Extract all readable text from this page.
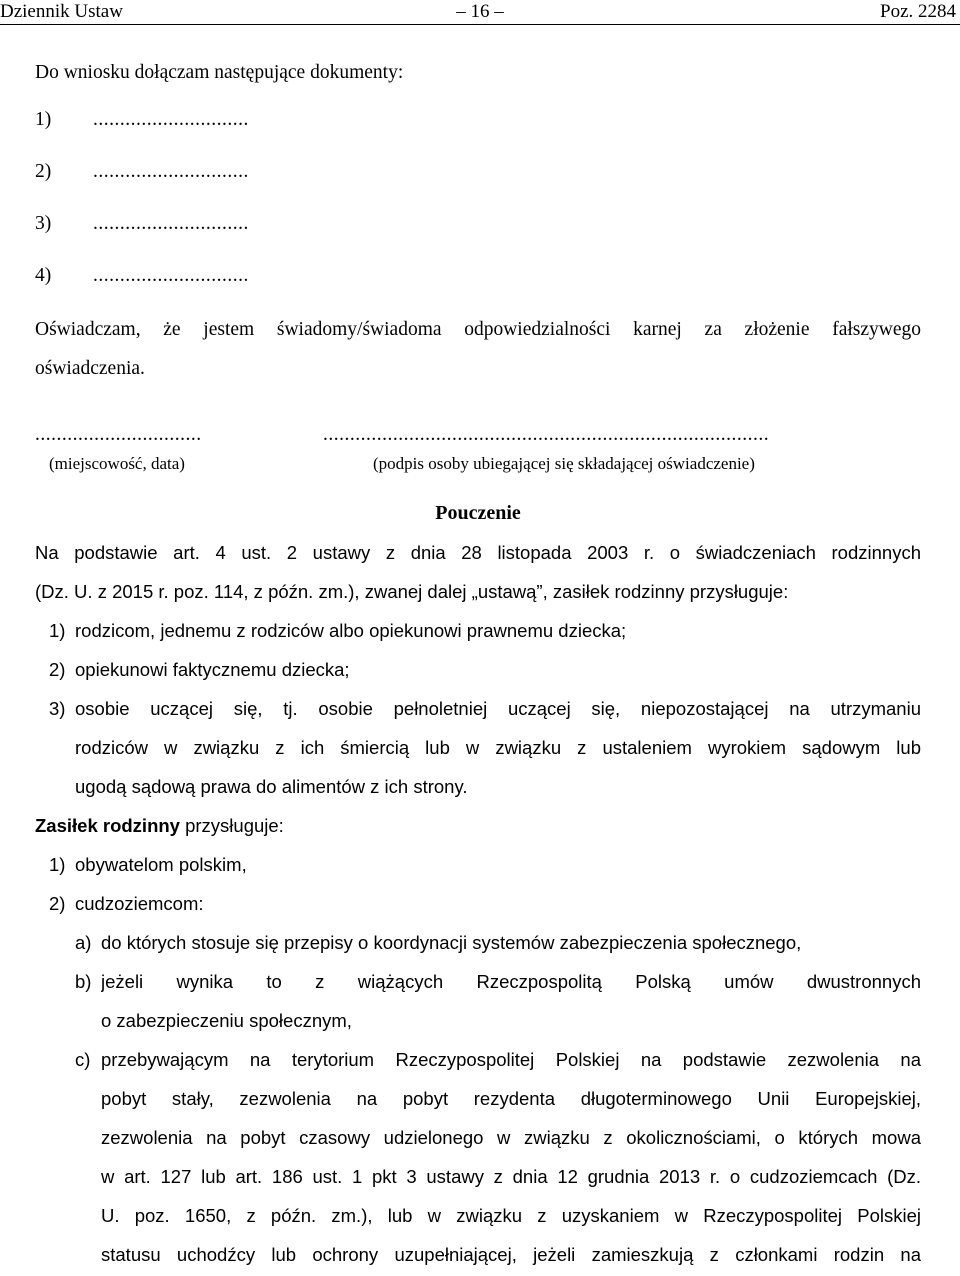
Dziennik Ustaw	– 16 –	Poz. 2284
Do wniosku dołączam następujące dokumenty:
1) .............................
2) .............................
3) .............................
4) .............................
Oświadczam, że jestem świadomy/świadoma odpowiedzialności karnej za złożenie fałszywego
oświadczenia.
...............................	...................................................................................
(miejscowość, data)	(podpis osoby ubiegającej się składającej oświadczenie)
Pouczenie
Na podstawie art. 4 ust. 2 ustawy z dnia 28 listopada 2003 r. o świadczeniach rodzinnych
(Dz. U. z 2015 r. poz. 114, z późn. zm.), zwanej dalej „ustawą”, zasiłek rodzinny przysługuje:
1) rodzicom, jednemu z rodziców albo opiekunowi prawnemu dziecka;
2) opiekunowi faktycznemu dziecka;
3) osobie uczącej się, tj. osobie pełnoletniej uczącej się, niepozostającej na utrzymaniu
rodziców w związku z ich śmiercią lub w związku z ustaleniem wyrokiem sądowym lub
ugodą sądową prawa do alimentów z ich strony.
Zasiłek rodzinny przysługuje:
1) obywatelom polskim,
2) cudzoziemcom:
a) do których stosuje się przepisy o koordynacji systemów zabezpieczenia społecznego,
b) jeżeli wynika to z wiążących Rzeczpospolitą Polską umów dwustronnych
o zabezpieczeniu społecznym,
c) przebywającym na terytorium Rzeczypospolitej Polskiej na podstawie zezwolenia na
pobyt stały, zezwolenia na pobyt rezydenta długoterminowego Unii Europejskiej,
zezwolenia na pobyt czasowy udzielonego w związku z okolicznościami, o których mowa
w art. 127 lub art. 186 ust. 1 pkt 3 ustawy z dnia 12 grudnia 2013 r. o cudzoziemcach (Dz.
U. poz. 1650, z późn. zm.), lub w związku z uzyskaniem w Rzeczypospolitej Polskiej
statusu uchodźcy lub ochrony uzupełniającej, jeżeli zamieszkują z członkami rodzin na
